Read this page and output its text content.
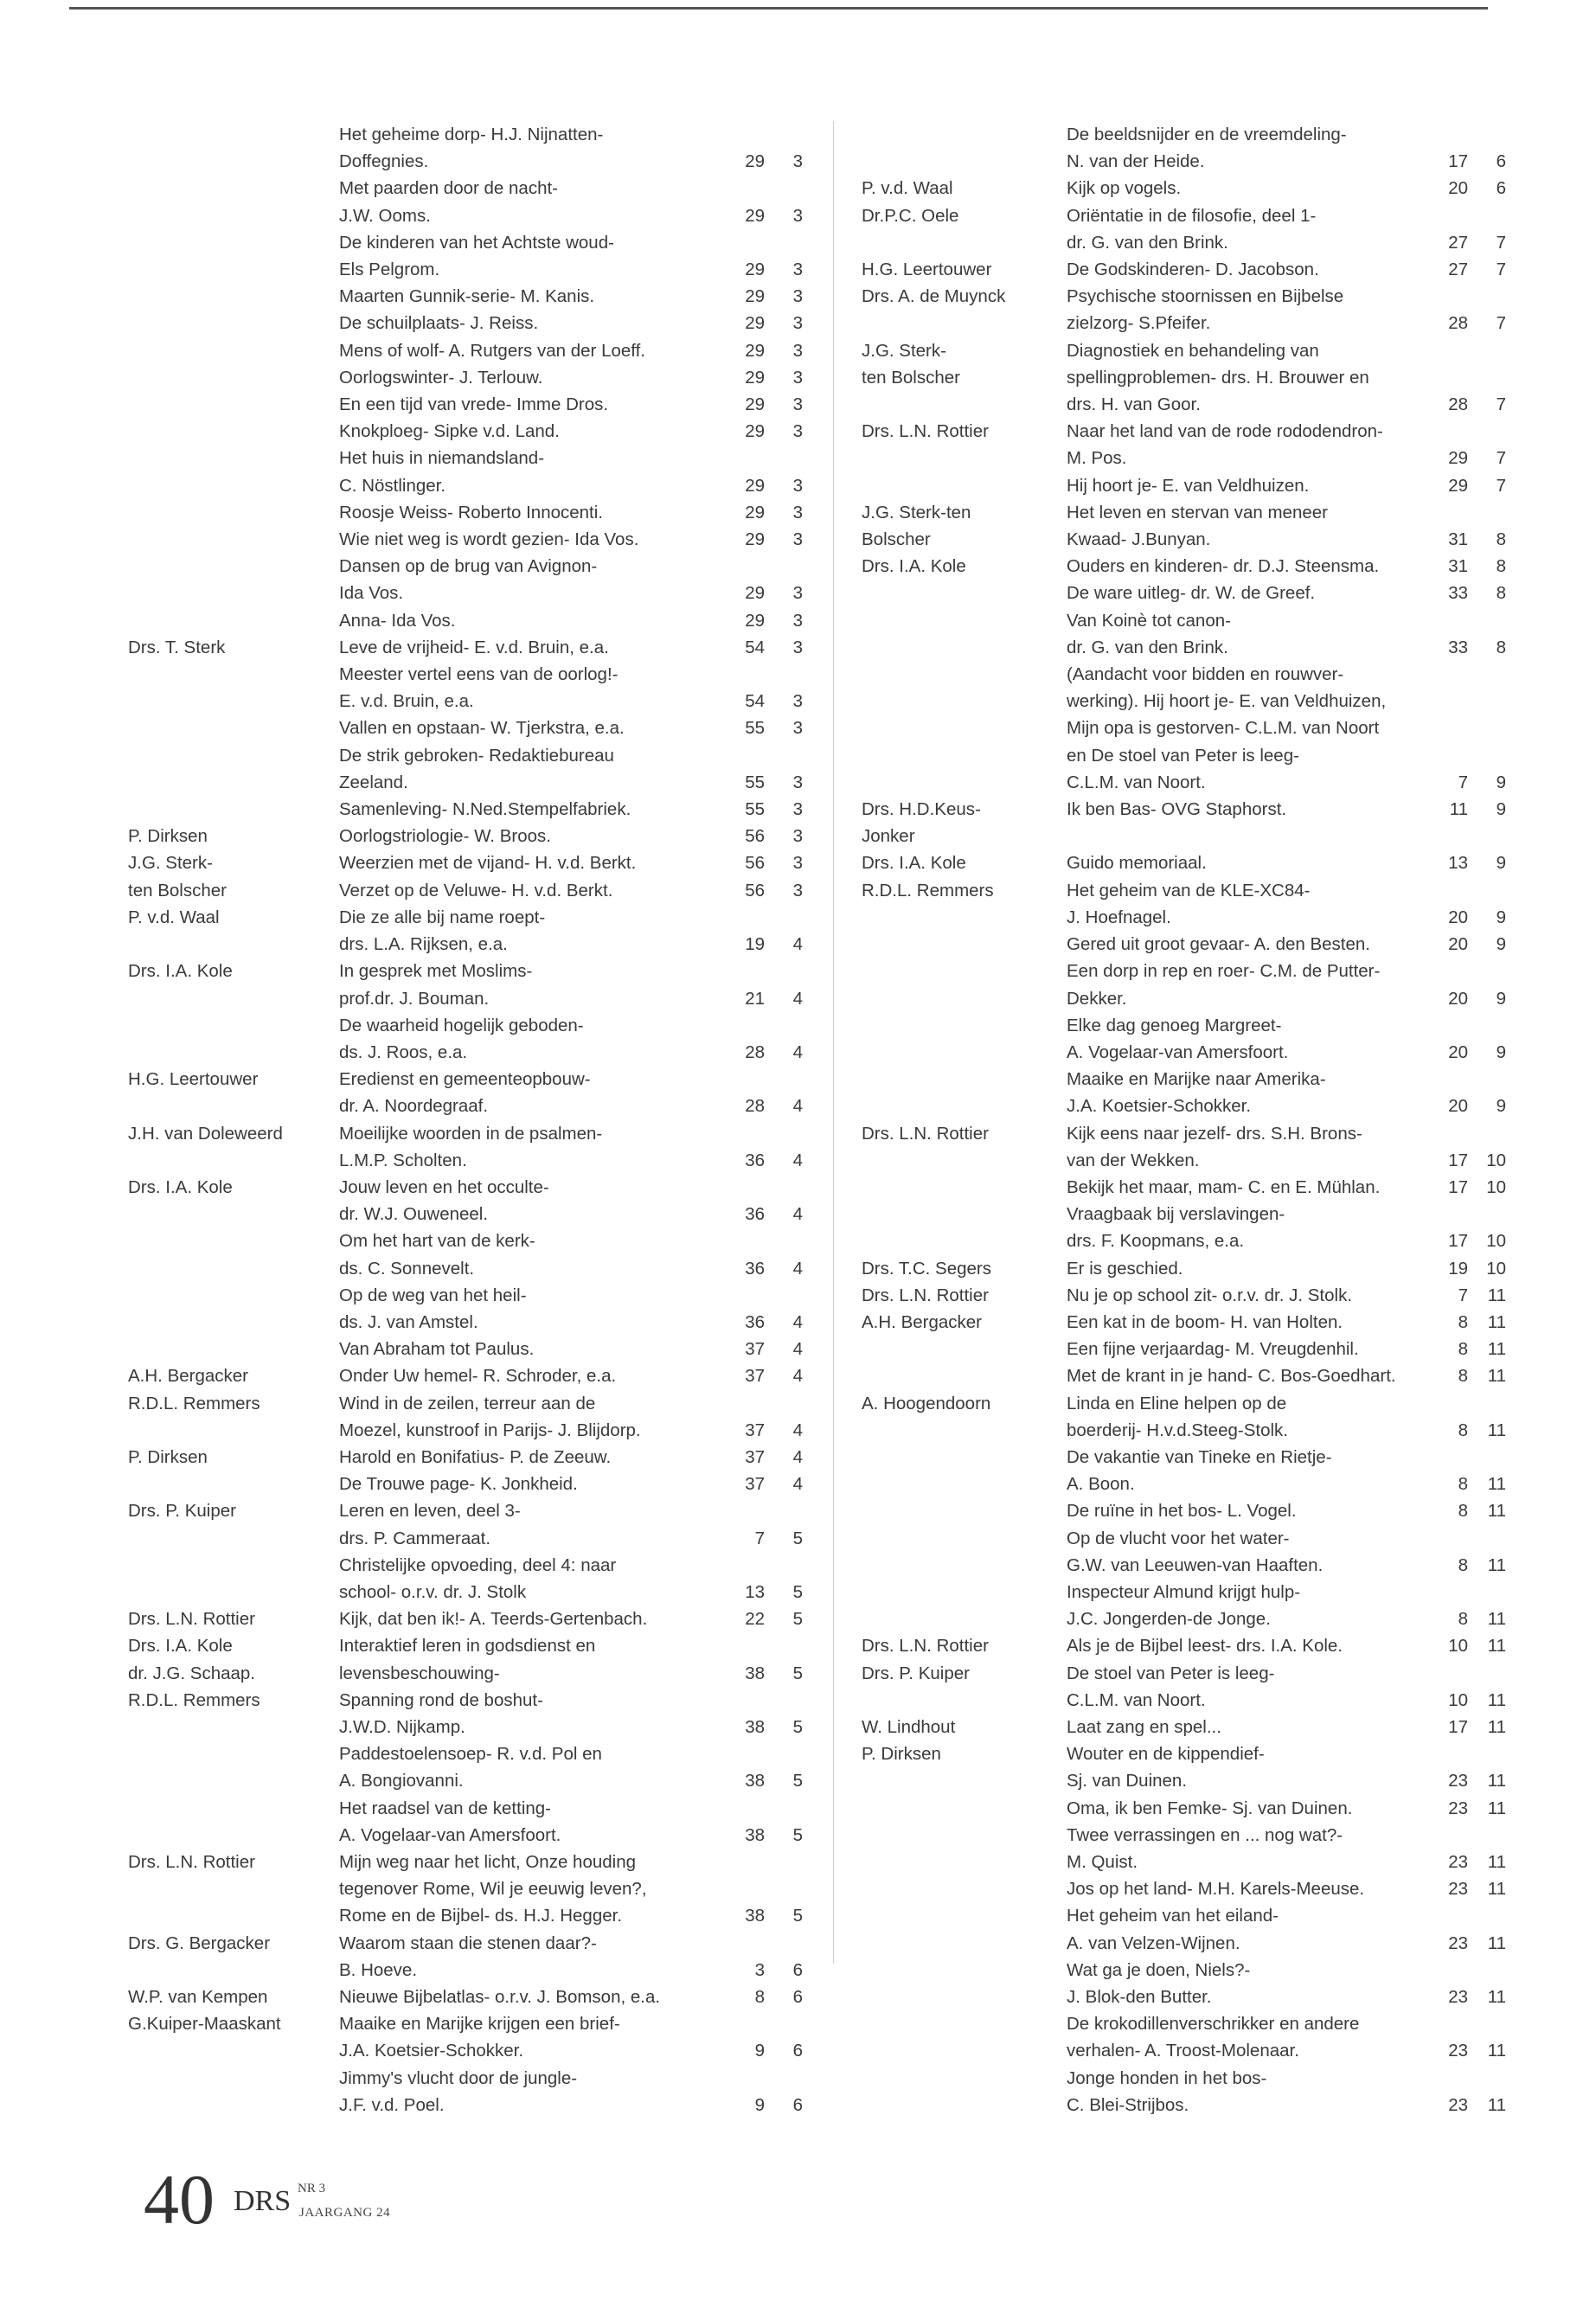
Het geheime dorp- H.J. Nijnatten-
Doffegnies.	29	3
Met paarden door de nacht-
J.W. Ooms.	29	3
De kinderen van het Achtste woud-
Els Pelgrom.	29	3
Maarten Gunnik-serie- M. Kanis.	29	3
De schuilplaats- J. Reiss.	29	3
Mens of wolf- A. Rutgers van der Loeff.	29	3
Oorlogswinter- J. Terlouw.	29	3
En een tijd van vrede- Imme Dros.	29	3
Knokploeg- Sipke v.d. Land.	29	3
Het huis in niemandsland-
C. Nöstlinger.	29	3
Roosje Weiss- Roberto Innocenti.	29	3
Wie niet weg is wordt gezien- Ida Vos.	29	3
Dansen op de brug van Avignon-
Ida Vos.	29	3
Anna- Ida Vos.	29	3
Drs. T. Sterk	Leve de vrijheid- E. v.d. Bruin, e.a.	54	3
Meester vertel eens van de oorlog!-
E. v.d. Bruin, e.a.	54	3
Vallen en opstaan- W. Tjerkstra, e.a.	55	3
De strik gebroken- Redaktiebureau
Zeeland.	55	3
Samenleving- N.Ned.Stempelfabriek.	55	3
P. Dirksen	Oorlogstriologie- W. Broos.	56	3
J.G. Sterk-	Weerzien met de vijand- H. v.d. Berkt.	56	3
ten Bolscher	Verzet op de Veluwe- H. v.d. Berkt.	56	3
P. v.d. Waal	Die ze alle bij name roept-
drs. L.A. Rijksen, e.a.	19	4
Drs. I.A. Kole	In gesprek met Moslims-
prof.dr. J. Bouman.	21	4
De waarheid hogelijk geboden-
ds. J. Roos, e.a.	28	4
H.G. Leertouwer	Eredienst en gemeenteopbouw-
dr. A. Noordegraaf.	28	4
J.H. van Doleweerd	Moeilijke woorden in de psalmen-
L.M.P. Scholten.	36	4
Drs. I.A. Kole	Jouw leven en het occulte-
dr. W.J. Ouweneel.	36	4
Om het hart van de kerk-
ds. C. Sonnevelt.	36	4
Op de weg van het heil-
ds. J. van Amstel.	36	4
Van Abraham tot Paulus.	37	4
A.H. Bergacker	Onder Uw hemel- R. Schroder, e.a.	37	4
R.D.L. Remmers	Wind in de zeilen, terreur aan de
Moezel, kunstroof in Parijs- J. Blijdorp.	37	4
P. Dirksen	Harold en Bonifatius- P. de Zeeuw.	37	4
De Trouwe page- K. Jonkheid.	37	4
Drs. P. Kuiper	Leren en leven, deel 3-
drs. P. Cammeraat.	7	5
Christelijke opvoeding, deel 4: naar
school- o.r.v. dr. J. Stolk	13	5
Drs. L.N. Rottier	Kijk, dat ben ik!- A. Teerds-Gertenbach.	22	5
Drs. I.A. Kole	Interaktief leren in godsdienst en
dr. J.G. Schaap.	levensbeschouwing-	38	5
R.D.L. Remmers	Spanning rond de boshut-
J.W.D. Nijkamp.	38	5
Paddestoelensoep- R. v.d. Pol en
A. Bongiovanni.	38	5
Het raadsel van de ketting-
A. Vogelaar-van Amersfoort.	38	5
Drs. L.N. Rottier	Mijn weg naar het licht, Onze houding
tegenover Rome, Wil je eeuwig leven?,
Rome en de Bijbel- ds. H.J. Hegger.	38	5
Drs. G. Bergacker	Waarom staan die stenen daar?-
B. Hoeve.	3	6
W.P. van Kempen	Nieuwe Bijbelatlas- o.r.v. J. Bomson, e.a.	8	6
G.Kuiper-Maaskant	Maaike en Marijke krijgen een brief-
J.A. Koetsier-Schokker.	9	6
Jimmy's vlucht door de jungle-
J.F. v.d. Poel.	9	6
De beeldsnijder en de vreemdeling-
N. van der Heide.	17	6
P. v.d. Waal	Kijk op vogels.	20	6
Dr.P.C. Oele	Oriëntatie in de filosofie, deel 1-
dr. G. van den Brink.	27	7
H.G. Leertouwer	De Godskinderen- D. Jacobson.	27	7
Drs. A. de Muynck	Psychische stoornissen en Bijbelse
zielzorg- S.Pfeifer.	28	7
J.G. Sterk-	Diagnostiek en behandeling van
ten Bolscher	spellingproblemen- drs. H. Brouwer en
drs. H. van Goor.	28	7
Drs. L.N. Rottier	Naar het land van de rode rododendron-
M. Pos.	29	7
Hij hoort je- E. van Veldhuizen.	29	7
J.G. Sterk-ten	Het leven en stervan van meneer
Bolscher	Kwaad- J.Bunyan.	31	8
Drs. I.A. Kole	Ouders en kinderen- dr. D.J. Steensma.	31	8
De ware uitleg- dr. W. de Greef.	33	8
Van Koinè tot canon-
dr. G. van den Brink.	33	8
(Aandacht voor bidden en rouwver-
werking). Hij hoort je- E. van Veldhuizen,
Mijn opa is gestorven- C.L.M. van Noort
en De stoel van Peter is leeg-
C.L.M. van Noort.	7	9
Drs. H.D.Keus-	Ik ben Bas- OVG Staphorst.	11	9
Jonker
Drs. I.A. Kole	Guido memoriaal.	13	9
R.D.L. Remmers	Het geheim van de KLE-XC84-
J. Hoefnagel.	20	9
Gered uit groot gevaar- A. den Besten.	20	9
Een dorp in rep en roer- C.M. de Putter-
Dekker.	20	9
Elke dag genoeg Margreet-
A. Vogelaar-van Amersfoort.	20	9
Maaike en Marijke naar Amerika-
J.A. Koetsier-Schokker.	20	9
Drs. L.N. Rottier	Kijk eens naar jezelf- drs. S.H. Brons-
van der Wekken.	17	10
Bekijk het maar, mam- C. en E. Mühlan.	17	10
Vraagbaak bij verslavingen-
drs. F. Koopmans, e.a.	17	10
Drs. T.C. Segers	Er is geschied.	19	10
Drs. L.N. Rottier	Nu je op school zit- o.r.v. dr. J. Stolk.	7	11
A.H. Bergacker	Een kat in de boom- H. van Holten.	8	11
Een fijne verjaardag- M. Vreugdenhil.	8	11
Met de krant in je hand- C. Bos-Goedhart.	8	11
A. Hoogendoorn	Linda en Eline helpen op de
boerderij- H.v.d.Steeg-Stolk.	8	11
De vakantie van Tineke en Rietje-
A. Boon.	8	11
De ruïne in het bos- L. Vogel.	8	11
Op de vlucht voor het water-
G.W. van Leeuwen-van Haaften.	8	11
Inspecteur Almund krijgt hulp-
J.C. Jongerden-de Jonge.	8	11
Drs. L.N. Rottier	Als je de Bijbel leest- drs. I.A. Kole.	10	11
Drs. P. Kuiper	De stoel van Peter is leeg-
C.L.M. van Noort.	10	11
W. Lindhout	Laat zang en spel...	17	11
P. Dirksen	Wouter en de kippendief-
Sj. van Duinen.	23	11
Oma, ik ben Femke- Sj. van Duinen.	23	11
Twee verrassingen en ... nog wat?-
M. Quist.	23	11
Jos op het land- M.H. Karels-Meeuse.	23	11
Het geheim van het eiland-
A. van Velzen-Wijnen.	23	11
Wat ga je doen, Niels?-
J. Blok-den Butter.	23	11
De krokodillenverschrikker en andere
verhalen- A. Troost-Molenaar.	23	11
Jonge honden in het bos-
C. Blei-Strijbos.	23	11
40 DRS NR 3
JAARGANG 24
